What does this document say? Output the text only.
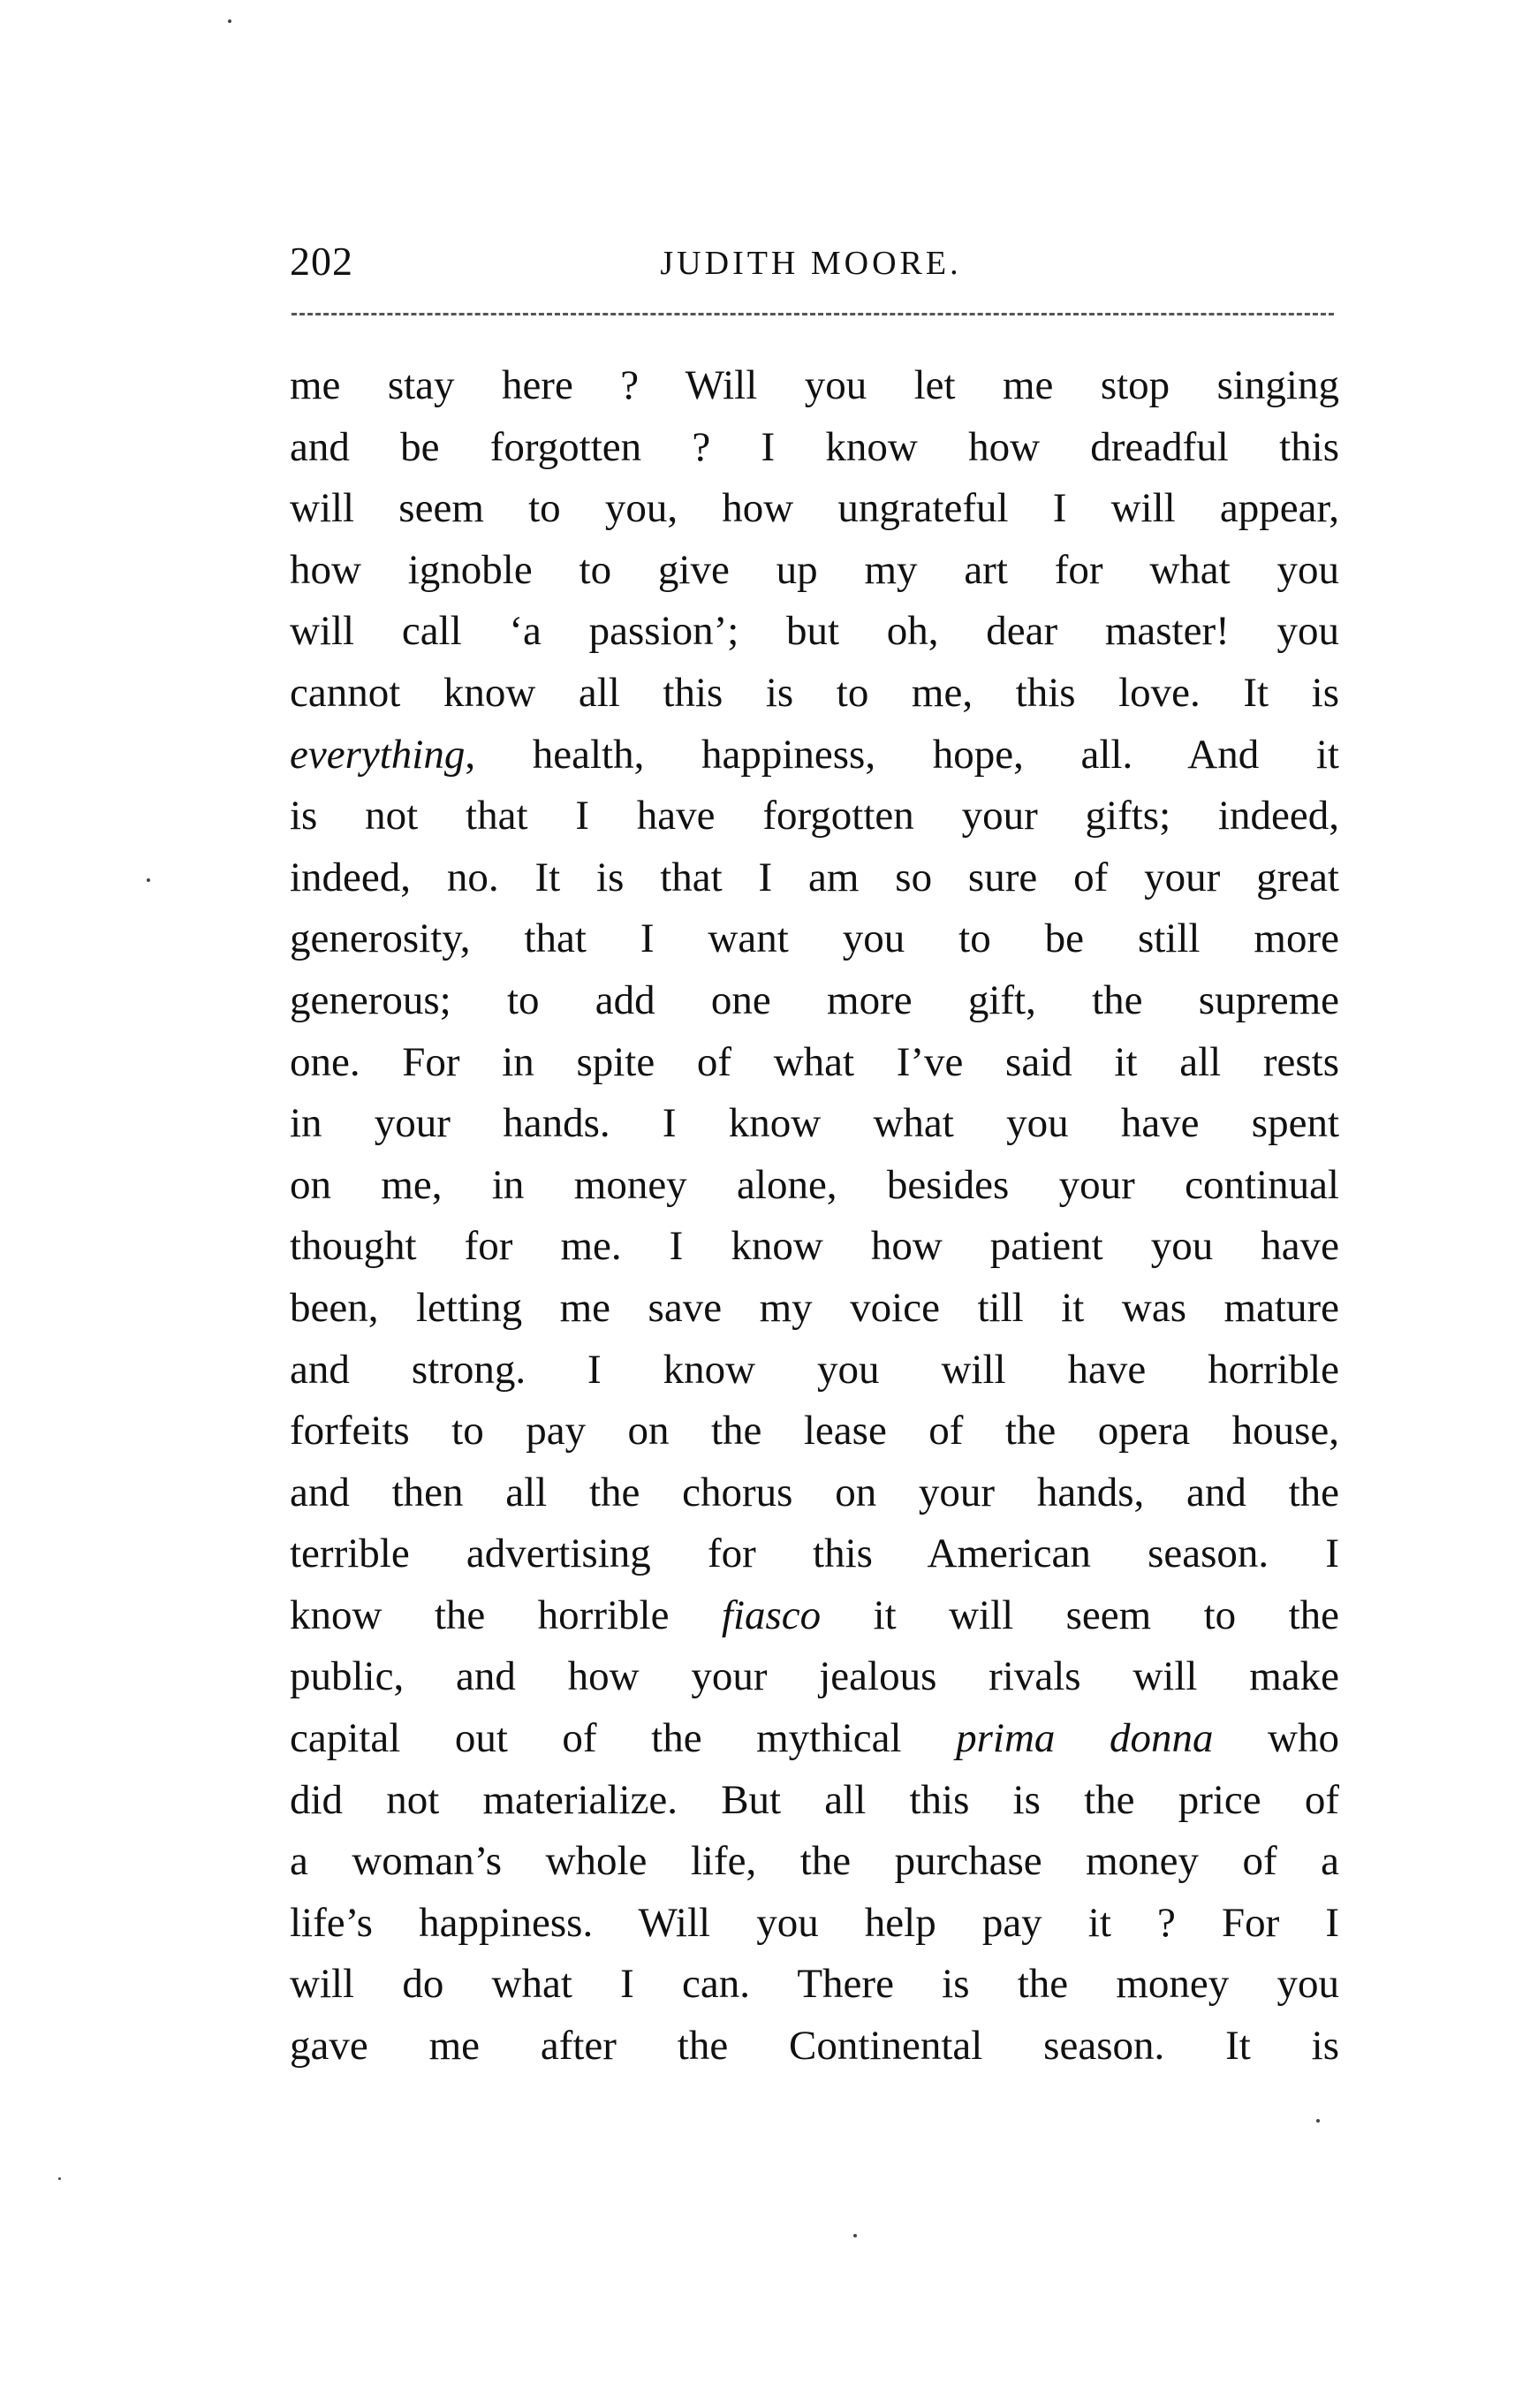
202	JUDITH MOORE.
me stay here ? Will you let me stop singing
and be forgotten ? I know how dreadful this
will seem to you, how ungrateful I will appear,
how ignoble to give up my art for what you
will call ‘a passion’; but oh, dear master! you
cannot know all this is to me, this love. It is
everything, health, happiness, hope, all. And it
is not that I have forgotten your gifts; indeed,
indeed, no. It is that I am so sure of your great
generosity, that I want you to be still more
generous; to add one more gift, the supreme
one. For in spite of what I’ve said it all rests
in your hands. I know what you have spent
on me, in money alone, besides your continual
thought for me. I know how patient you have
been, letting me save my voice till it was mature
and strong. I know you will have horrible
forfeits to pay on the lease of the opera house,
and then all the chorus on your hands, and the
terrible advertising for this American season. I
know the horrible fiasco it will seem to the
public, and how your jealous rivals will make
capital out of the mythical prima donna who
did not materialize. But all this is the price of
a woman’s whole life, the purchase money of a
life’s happiness. Will you help pay it ? For I
will do what I can. There is the money you
gave me after the Continental season. It is
